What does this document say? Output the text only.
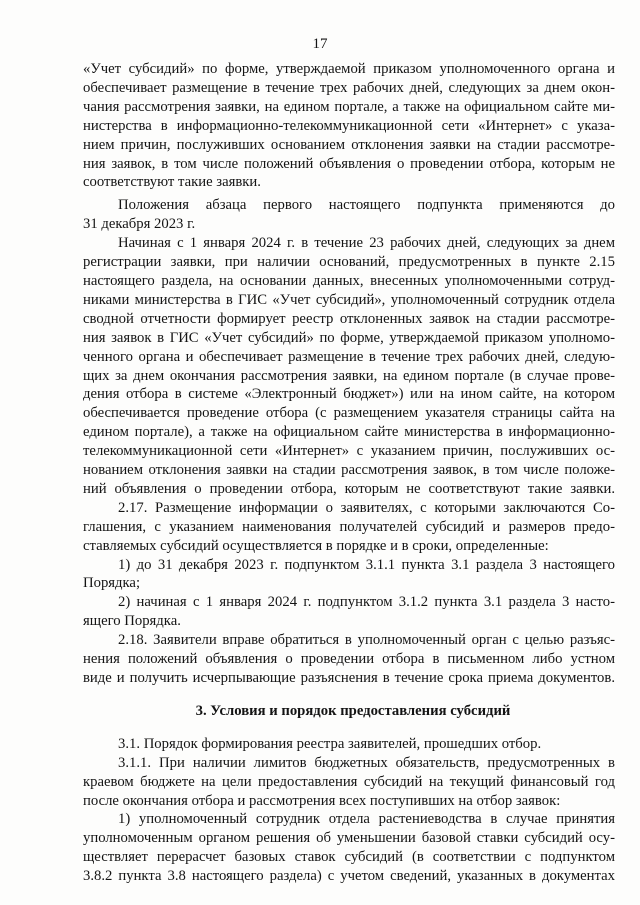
17
«Учет субсидий» по форме, утверждаемой приказом уполномоченного органа и
обеспечивает размещение в течение трех рабочих дней, следующих за днем окон-
чания рассмотрения заявки, на едином портале, а также на официальном сайте ми-
нистерства в информационно-телекоммуникационной сети «Интернет» с указа-
нием причин, послуживших основанием отклонения заявки на стадии рассмотре-
ния заявок, в том числе положений объявления о проведении отбора, которым не
соответствуют такие заявки.
Положения абзаца первого настоящего подпункта применяются до
31 декабря 2023 г.
Начиная с 1 января 2024 г. в течение 23 рабочих дней, следующих за днем
регистрации заявки, при наличии оснований, предусмотренных в пункте 2.15
настоящего раздела, на основании данных, внесенных уполномоченными сотруд-
никами министерства в ГИС «Учет субсидий», уполномоченный сотрудник отдела
сводной отчетности формирует реестр отклоненных заявок на стадии рассмотре-
ния заявок в ГИС «Учет субсидий» по форме, утверждаемой приказом уполномо-
ченного органа и обеспечивает размещение в течение трех рабочих дней, следую-
щих за днем окончания рассмотрения заявки, на едином портале (в случае прове-
дения отбора в системе «Электронный бюджет») или на ином сайте, на котором
обеспечивается проведение отбора (с размещением указателя страницы сайта на
едином портале), а также на официальном сайте министерства в информационно-
телекоммуникационной сети «Интернет» с указанием причин, послуживших ос-
нованием отклонения заявки на стадии рассмотрения заявок, в том числе положе-
ний объявления о проведении отбора, которым не соответствуют такие заявки.
2.17. Размещение информации о заявителях, с которыми заключаются Со-
глашения, с указанием наименования получателей субсидий и размеров предо-
ставляемых субсидий осуществляется в порядке и в сроки, определенные:
1) до 31 декабря 2023 г. подпунктом 3.1.1 пункта 3.1 раздела 3 настоящего
Порядка;
2) начиная с 1 января 2024 г. подпунктом 3.1.2 пункта 3.1 раздела 3 насто-
ящего Порядка.
2.18. Заявители вправе обратиться в уполномоченный орган с целью разъяс-
нения положений объявления о проведении отбора в письменном либо устном
виде и получить исчерпывающие разъяснения в течение срока приема документов.
3. Условия и порядок предоставления субсидий
3.1. Порядок формирования реестра заявителей, прошедших отбор.
3.1.1. При наличии лимитов бюджетных обязательств, предусмотренных в
краевом бюджете на цели предоставления субсидий на текущий финансовый год
после окончания отбора и рассмотрения всех поступивших на отбор заявок:
1) уполномоченный сотрудник отдела растениеводства в случае принятия
уполномоченным органом решения об уменьшении базовой ставки субсидий осу-
ществляет перерасчет базовых ставок субсидий (в соответствии с подпунктом
3.8.2 пункта 3.8 настоящего раздела) с учетом сведений, указанных в документах
